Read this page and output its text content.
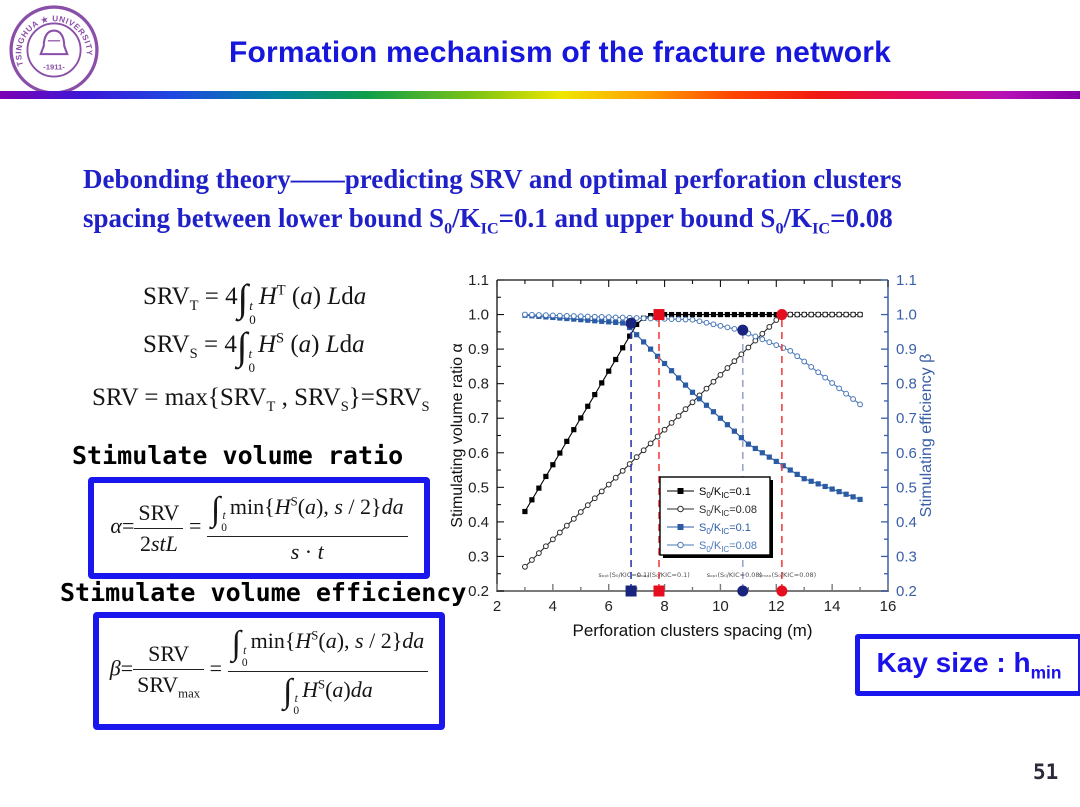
TSINGHUA ★ UNIVERSITY
-1911-	Formation mechanism of the fracture network
Debonding theory——predicting SRV and optimal perforation clusters
spacing between lower bound $S_0/K_{IC}=0.1$ and upper bound $S_0/K_{IC}=0.08$
$SRV_T = 4\int$ t
0
$H^T$ (a) Lda
$SRV_S = 4\int$ t
0
$H^S$ (a) Lda
SRV = $\max\{SRV_T$ , $SRV_S\}=SRV_S$
Stimulate volume ratio
$\alpha= \frac{\text{SRV}}{\text{2stL}}$ = ∫ t
0
$\min\{H^S(a)$, s / 2}da
s · t
Stimulate volume efficiency
$\beta= \frac{\text{SRV}}{SRV_{max}}$ = ∫ t
0
$\min\{H^S(a)$, s / 2}da
∫ t
0
$H^S(a)da$
2	4	6	8	10	12	14	16
0.2	0.2
0.3	0.3
0.4	0.4
0.5	0.5
0.6	0.6
0.7	0.7
0.8	0.8
0.9	0.9
1.0	1.0
1.1	1.1
sₒₚₜ(S₀/KIC=0.1)
sₘₐₓ(S₀/KIC=0.1)	sₒₚₜ(S₀/KIC=0.08)
sₘₐₓ(S₀/KIC=0.08)
$S_0/K_{IC}=0.1$
$S_0/K_{IC}=0.08$
$S_0/K_{IC}=0.1$
$S_0/K_{IC}=0.08$
Stimulating volume ratio α	Stimulating efficiency β
Perforation clusters spacing (m)
Kay size : $h_{min}$
51
